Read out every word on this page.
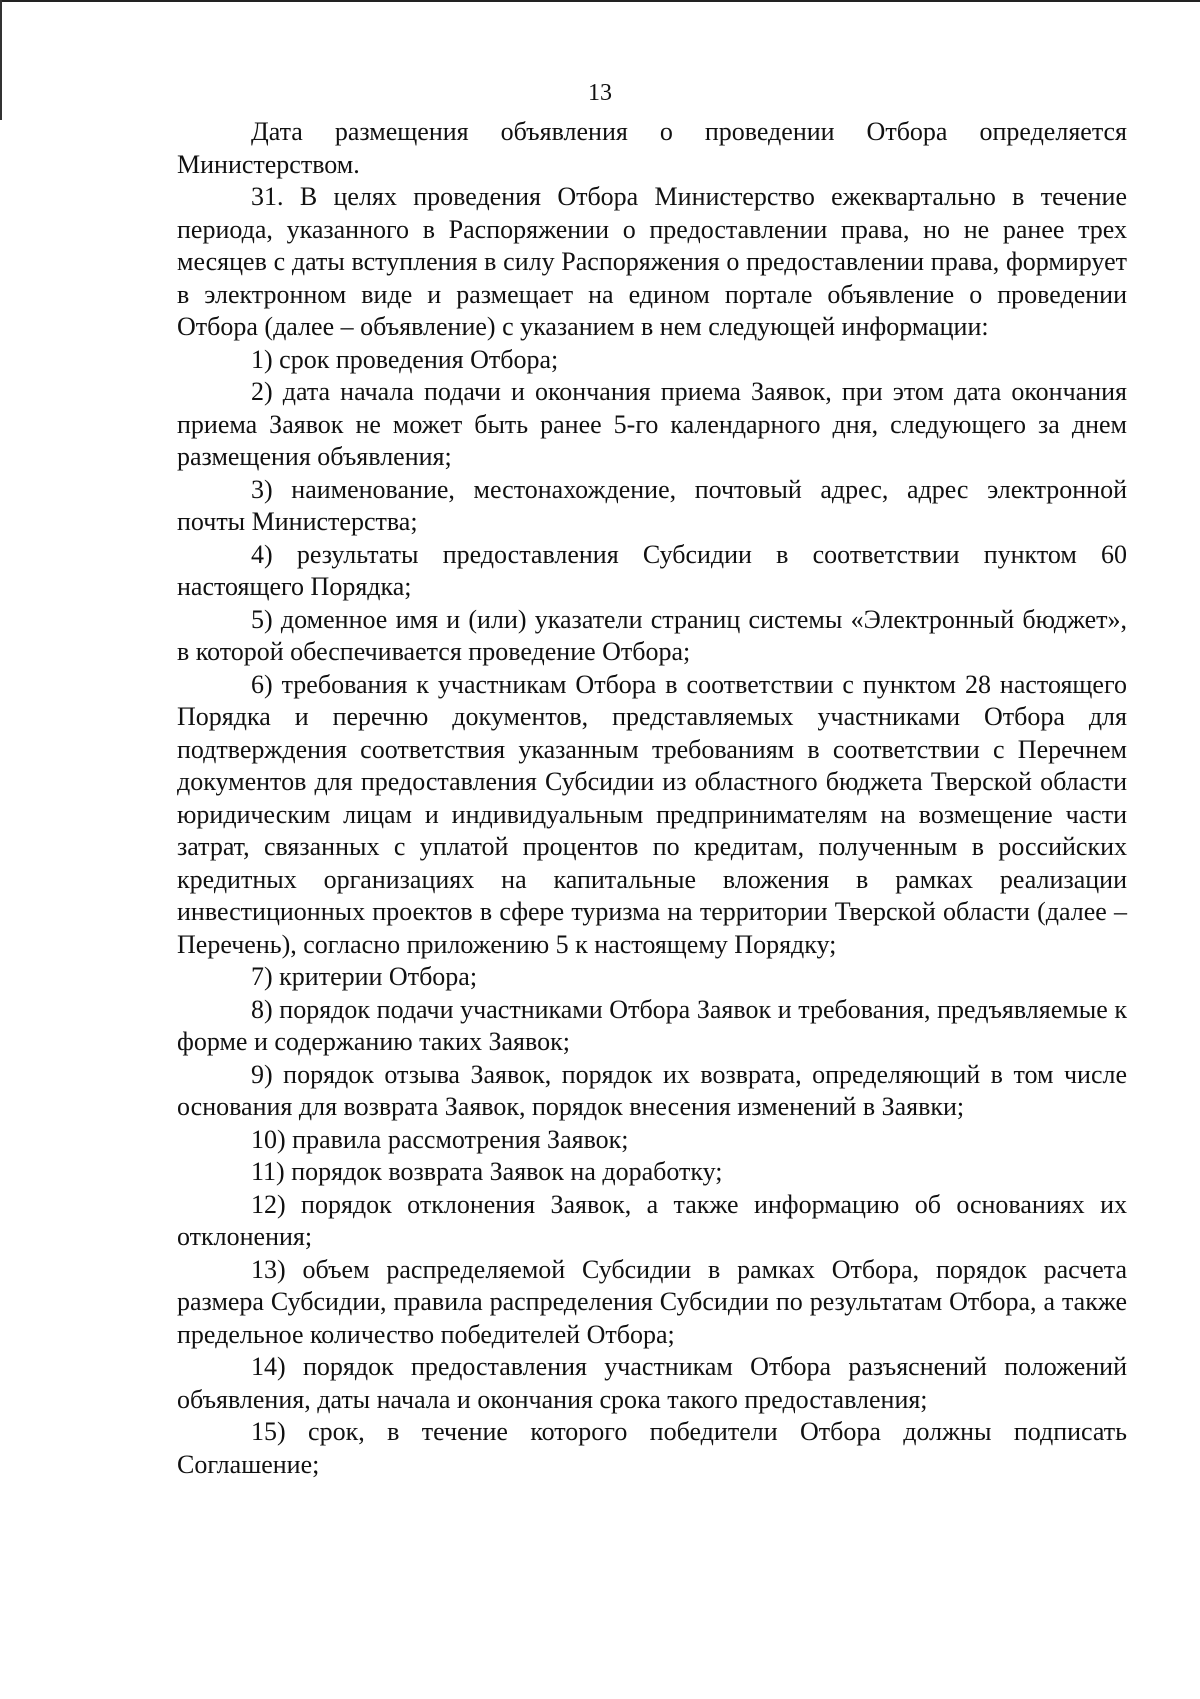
13

Дата размещения объявления о проведении Отбора определяется Министерством.

31. В целях проведения Отбора Министерство ежеквартально в течение периода, указанного в Распоряжении о предоставлении права, но не ранее трех месяцев с даты вступления в силу Распоряжения о предоставлении права, формирует в электронном виде и размещает на едином портале объявление о проведении Отбора (далее – объявление) с указанием в нем следующей информации:

1) срок проведения Отбора;

2) дата начала подачи и окончания приема Заявок, при этом дата окончания приема Заявок не может быть ранее 5-го календарного дня, следующего за днем размещения объявления;

3) наименование, местонахождение, почтовый адрес, адрес электронной почты Министерства;

4) результаты предоставления Субсидии в соответствии пунктом 60 настоящего Порядка;

5) доменное имя и (или) указатели страниц системы «Электронный бюджет», в которой обеспечивается проведение Отбора;

6) требования к участникам Отбора в соответствии с пунктом 28 настоящего Порядка и перечню документов, представляемых участниками Отбора для подтверждения соответствия указанным требованиям в соответствии с Перечнем документов для предоставления Субсидии из областного бюджета Тверской области юридическим лицам и индивидуальным предпринимателям на возмещение части затрат, связанных с уплатой процентов по кредитам, полученным в российских кредитных организациях на капитальные вложения в рамках реализации инвестиционных проектов в сфере туризма на территории Тверской области (далее – Перечень), согласно приложению 5 к настоящему Порядку;

7) критерии Отбора;

8) порядок подачи участниками Отбора Заявок и требования, предъявляемые к форме и содержанию таких Заявок;

9) порядок отзыва Заявок, порядок их возврата, определяющий в том числе основания для возврата Заявок, порядок внесения изменений в Заявки;

10) правила рассмотрения Заявок;

11) порядок возврата Заявок на доработку;

12) порядок отклонения Заявок, а также информацию об основаниях их отклонения;

13) объем распределяемой Субсидии в рамках Отбора, порядок расчета размера Субсидии, правила распределения Субсидии по результатам Отбора, а также предельное количество победителей Отбора;

14) порядок предоставления участникам Отбора разъяснений положений объявления, даты начала и окончания срока такого предоставления;

15) срок, в течение которого победители Отбора должны подписать Соглашение;
